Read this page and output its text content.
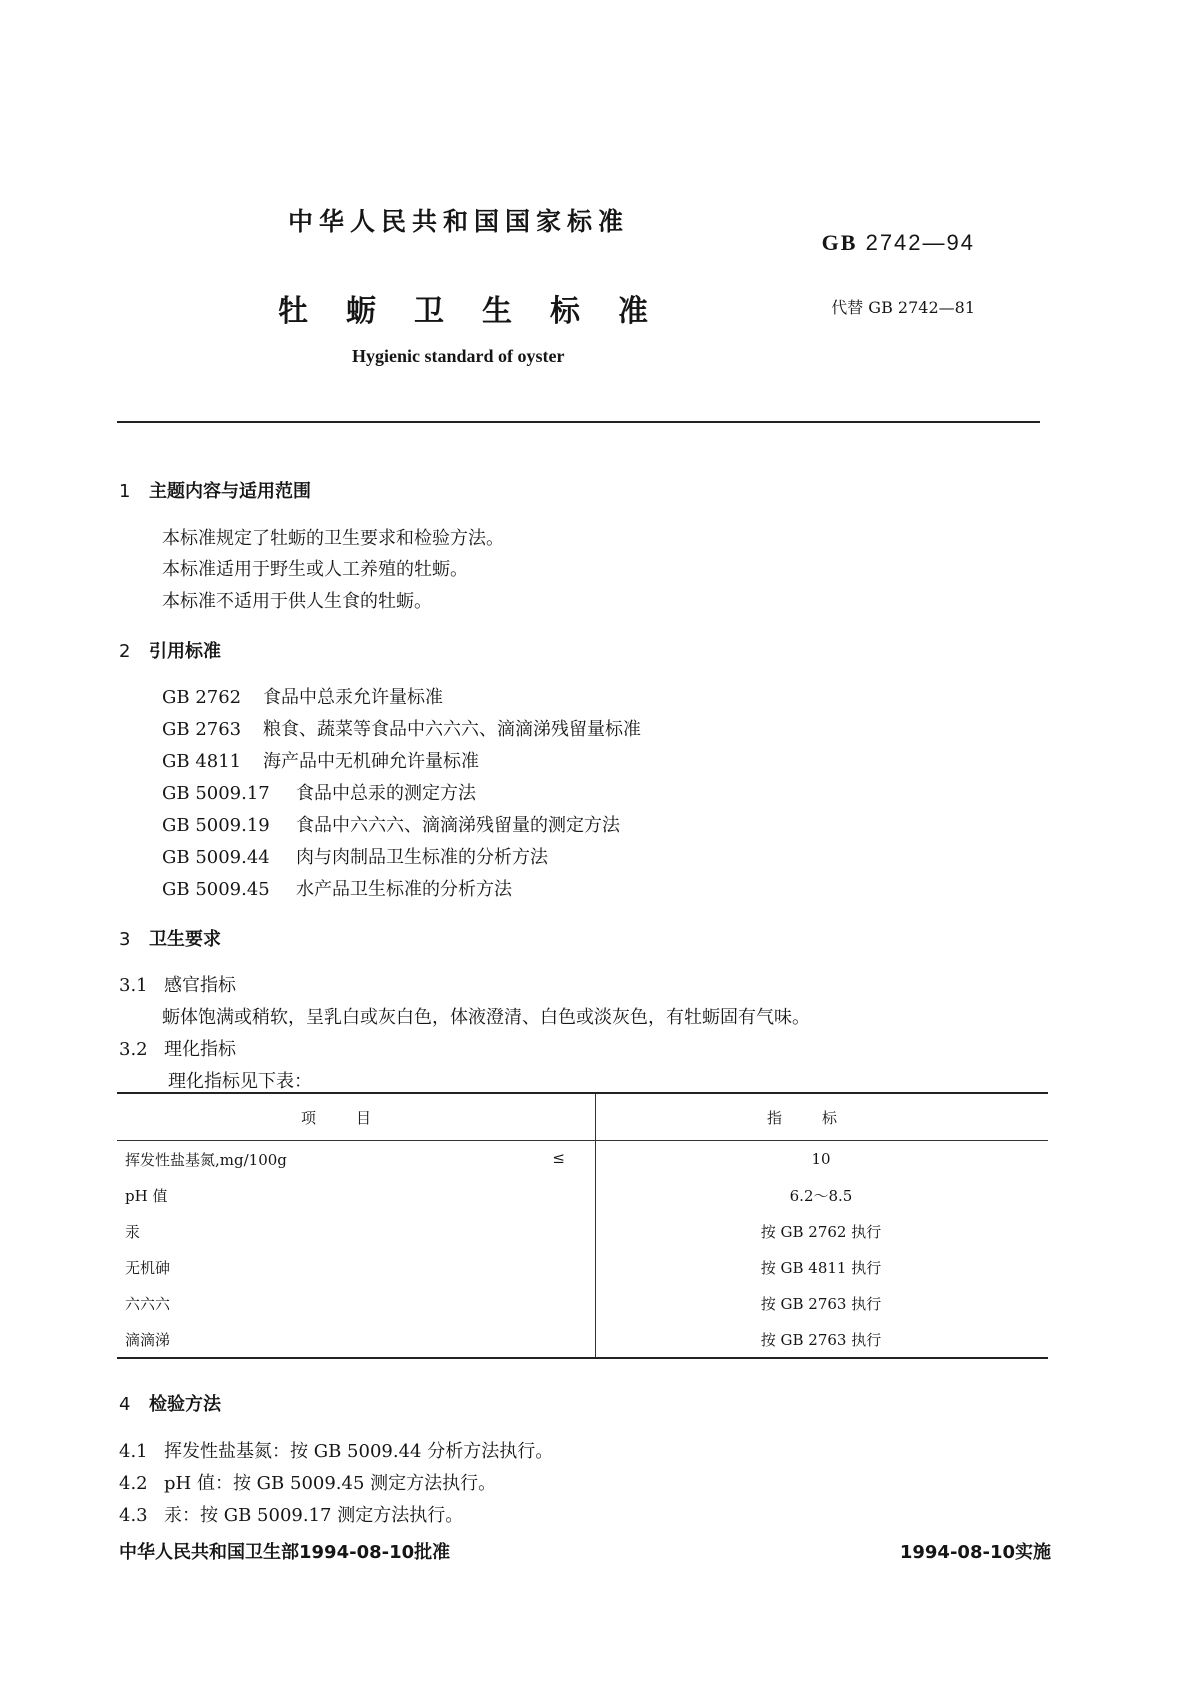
中华人民共和国国家标准
GB 2742—94
牡蛎卫生标准	代替 GB 2742—81
Hygienic standard of oyster
1 主题内容与适用范围
本标准规定了牡蛎的卫生要求和检验方法。
本标准适用于野生或人工养殖的牡蛎。
本标准不适用于供人生食的牡蛎。
2 引用标准
GB 2762 食品中总汞允许量标准
GB 2763 粮食、蔬菜等食品中六六六、滴滴涕残留量标准
GB 4811 海产品中无机砷允许量标准
GB 5009.17 食品中总汞的测定方法
GB 5009.19 食品中六六六、滴滴涕残留量的测定方法
GB 5009.44 肉与肉制品卫生标准的分析方法
GB 5009.45 水产品卫生标准的分析方法
3 卫生要求
3.1 感官指标
蛎体饱满或稍软，呈乳白或灰白色，体液澄清、白色或淡灰色，有牡蛎固有气味。
3.2 理化指标
理化指标见下表：
项目	指标
挥发性盐基氮,mg/100g ≤	10
pH 值	6.2～8.5
汞	按 GB 2762 执行
无机砷	按 GB 4811 执行
六六六	按 GB 2763 执行
滴滴涕	按 GB 2763 执行
4 检验方法
4.1 挥发性盐基氮：按 GB 5009.44 分析方法执行。
4.2 pH 值：按 GB 5009.45 测定方法执行。
4.3 汞：按 GB 5009.17 测定方法执行。
中华人民共和国卫生部1994-08-10批准	1994-08-10实施
